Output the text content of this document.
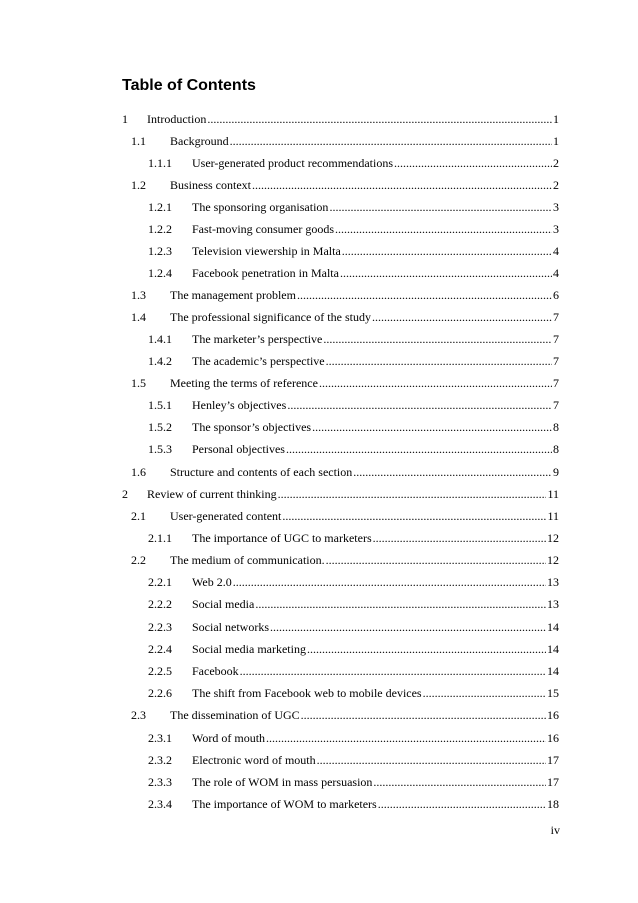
Table of Contents
1	Introduction .....	1
1.1	Background .....	1
1.1.1	User-generated product recommendations .....	2
1.2	Business context .....	2
1.2.1	The sponsoring organisation .....	3
1.2.2	Fast-moving consumer goods .....	3
1.2.3	Television viewership in Malta .....	4
1.2.4	Facebook penetration in Malta .....	4
1.3	The management problem .....	6
1.4	The professional significance of the study .....	7
1.4.1	The marketer’s perspective .....	7
1.4.2	The academic’s perspective .....	7
1.5	Meeting the terms of reference .....	7
1.5.1	Henley’s objectives .....	7
1.5.2	The sponsor’s objectives .....	8
1.5.3	Personal objectives .....	8
1.6	Structure and contents of each section .....	9
2	Review of current thinking .....	11
2.1	User-generated content .....	11
2.1.1	The importance of UGC to marketers .....	12
2.2	The medium of communication. .....	12
2.2.1	Web 2.0 .....	13
2.2.2	Social media .....	13
2.2.3	Social networks .....	14
2.2.4	Social media marketing .....	14
2.2.5	Facebook .....	14
2.2.6	The shift from Facebook web to mobile devices .....	15
2.3	The dissemination of UGC .....	16
2.3.1	Word of mouth .....	16
2.3.2	Electronic word of mouth .....	17
2.3.3	The role of WOM in mass persuasion .....	17
2.3.4	The importance of WOM to marketers .....	18
iv
